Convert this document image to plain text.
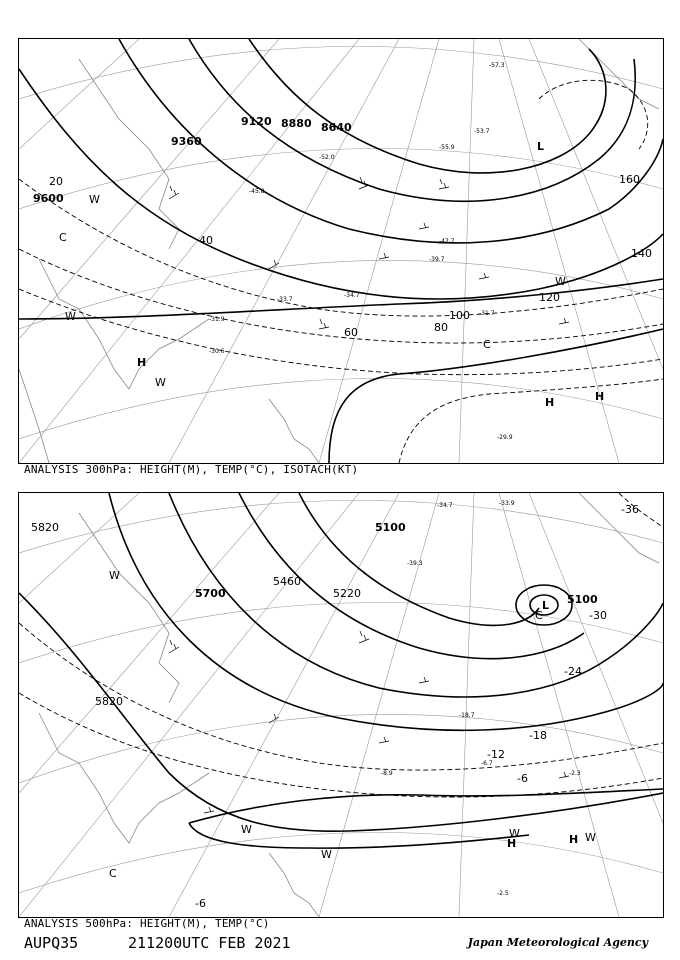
9360
9600
9120 8880 8640
20
40
60	80
100
120
140
160
-57.3
-53.7
-55.9
-52.0
-47.7
-45.8
-39.7
-33.7
-31.9
-30.6
-34.7
-31.7
-29.9
L
H
H	H
C
C
W
W
W
W
ANALYSIS 300hPa: HEIGHT(M), TEMP(°C), ISOTACH(KT)
5820
5700
5100
5220
5460
5820
5100
-36
-30
-24
-18
-12
-6
-6
-33.9
-39.3
-34.7
-18.7
-6.7
-2.3
-8.9
-2.5
L
H	H
C
C
W
W
W
W	W
ANALYSIS 500hPa: HEIGHT(M), TEMP(°C)
AUPQ35	211200UTC FEB 2021	Japan Meteorological Agency
